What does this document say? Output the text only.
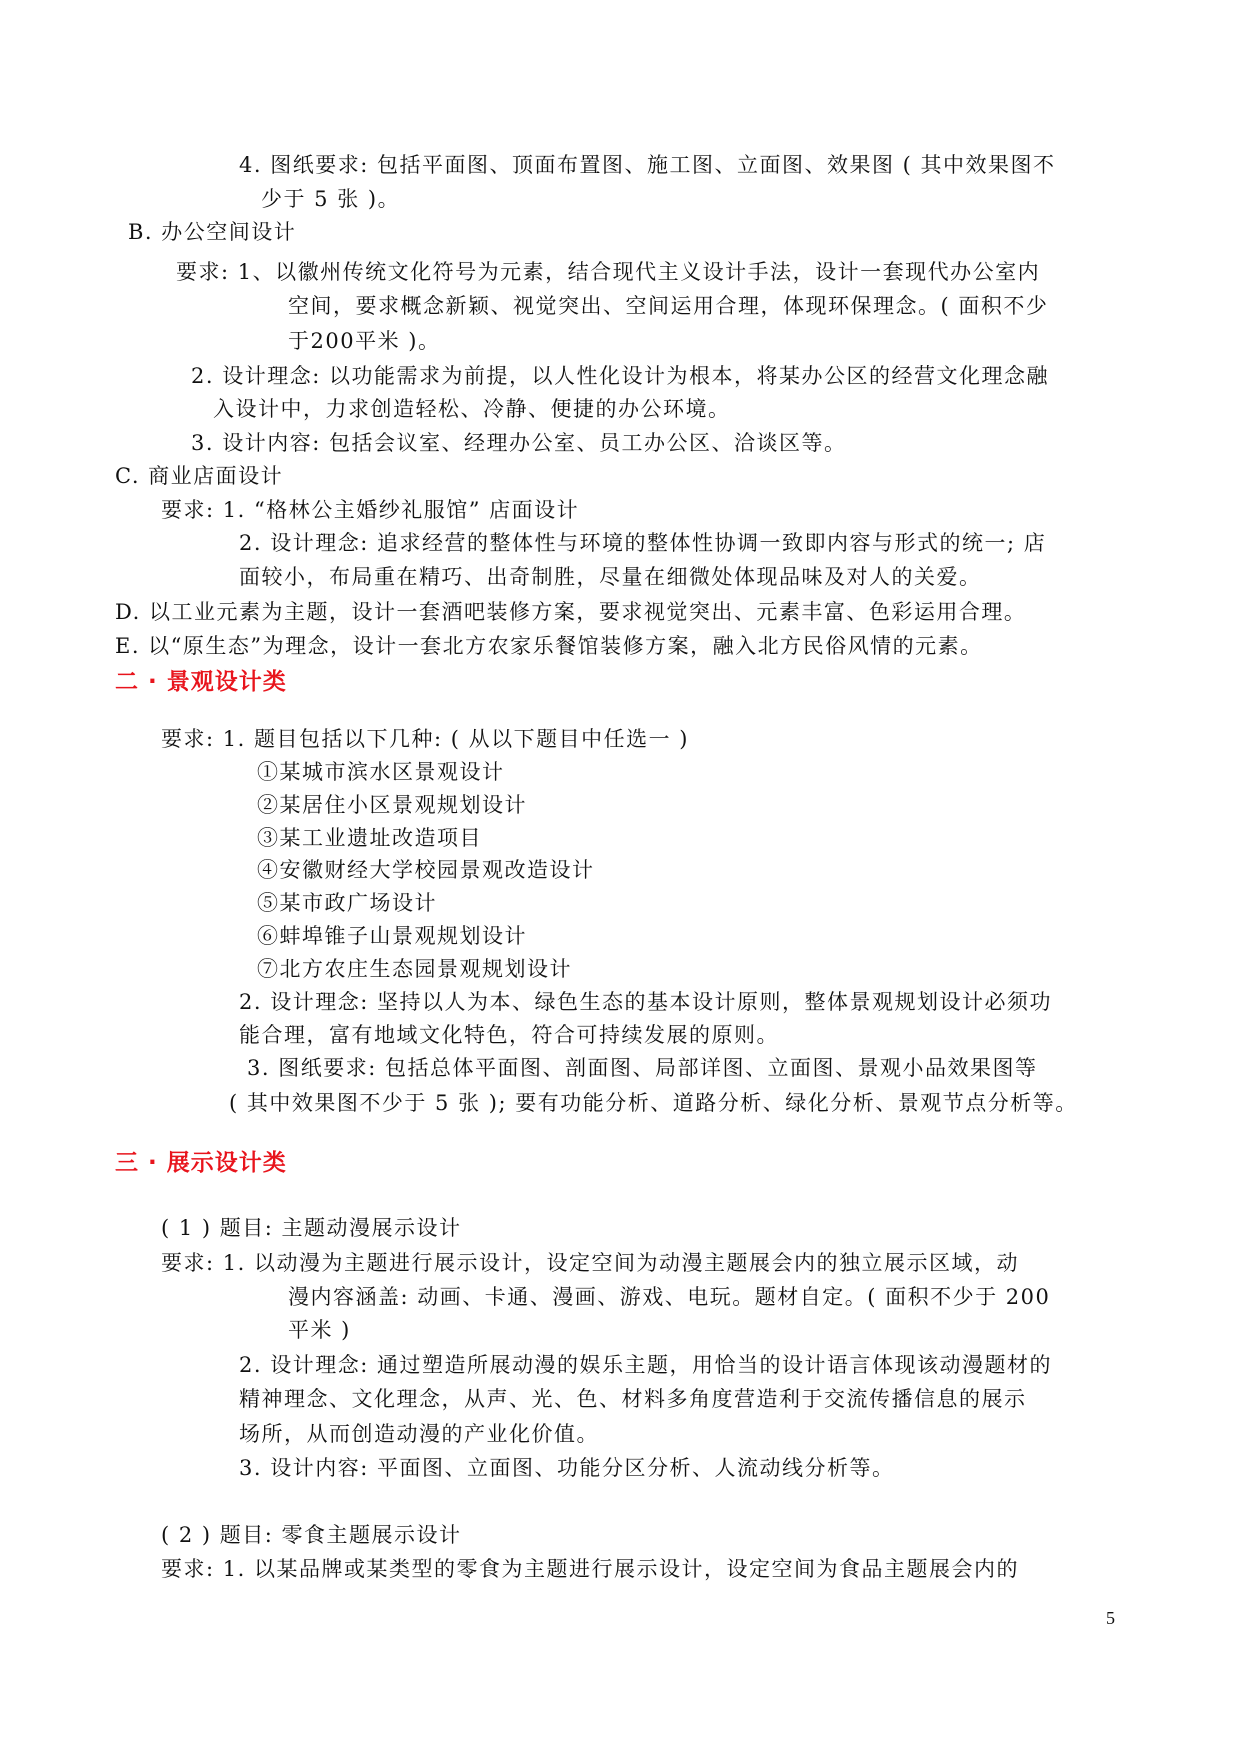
4. 图纸要求: 包括平面图、顶面布置图、施工图、立面图、效果图 ( 其中效果图不
少于 5 张 )。
B. 办公空间设计
要求: 1、以徽州传统文化符号为元素，结合现代主义设计手法，设计一套现代办公室内
空间，要求概念新颖、视觉突出、空间运用合理，体现环保理念。( 面积不少
于200平米 )。
2. 设计理念: 以功能需求为前提，以人性化设计为根本，将某办公区的经营文化理念融
入设计中，力求创造轻松、冷静、便捷的办公环境。
3. 设计内容: 包括会议室、经理办公室、员工办公区、洽谈区等。
C. 商业店面设计
要求: 1. “格林公主婚纱礼服馆” 店面设计
2. 设计理念: 追求经营的整体性与环境的整体性协调一致即内容与形式的统一; 店
面较小，布局重在精巧、出奇制胜，尽量在细微处体现品味及对人的关爱。
D. 以工业元素为主题，设计一套酒吧装修方案，要求视觉突出、元素丰富、色彩运用合理。
E. 以“原生态”为理念，设计一套北方农家乐餐馆装修方案，融入北方民俗风情的元素。
要求: 1. 题目包括以下几种: ( 从以下题目中任选一 )
①某城市滨水区景观设计
②某居住小区景观规划设计
③某工业遗址改造项目
④安徽财经大学校园景观改造设计
⑤某市政广场设计
⑥蚌埠锥子山景观规划设计
⑦北方农庄生态园景观规划设计
2. 设计理念: 坚持以人为本、绿色生态的基本设计原则，整体景观规划设计必须功
能合理，富有地域文化特色，符合可持续发展的原则。
3. 图纸要求: 包括总体平面图、剖面图、局部详图、立面图、景观小品效果图等
( 其中效果图不少于 5 张 ); 要有功能分析、道路分析、绿化分析、景观节点分析等。
( 1 ) 题目: 主题动漫展示设计
要求: 1. 以动漫为主题进行展示设计，设定空间为动漫主题展会内的独立展示区域，动
漫内容涵盖: 动画、卡通、漫画、游戏、电玩。题材自定。( 面积不少于 200
平米 )
2. 设计理念: 通过塑造所展动漫的娱乐主题，用恰当的设计语言体现该动漫题材的
精神理念、文化理念，从声、光、色、材料多角度营造利于交流传播信息的展示
场所，从而创造动漫的产业化价值。
3. 设计内容: 平面图、立面图、功能分区分析、人流动线分析等。
( 2 ) 题目: 零食主题展示设计
要求: 1. 以某品牌或某类型的零食为主题进行展示设计，设定空间为食品主题展会内的
二 · 景观设计类
三 · 展示设计类
5
